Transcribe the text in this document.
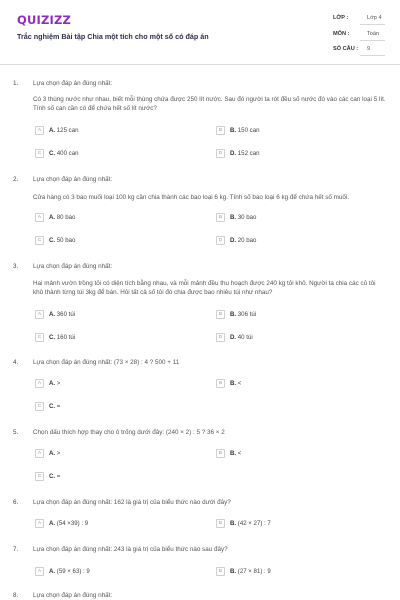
QUIZIZZ
Trắc nghiệm Bài tập Chia một tích cho một số có đáp án
LỚP :	Lớp 4
MÔN :	Toán
SỐ CÂU : 9
1. Lựa chọn đáp án đúng nhất:
Có 3 thùng nước như nhau, biết mỗi thùng chứa được 250 lít nước. Sau đó người ta rót đều số nước đó vào các can loại 5 lít. Tính số can cần có để chứa hết số lít nước?
A	A. 125 can	B	B. 150 can
C	C. 400 can	D	D. 152 can
2. Lựa chọn đáp án đúng nhất:
Cửa hàng có 3 bao muối loại 100 kg cần chia thành các bao loại 6 kg. Tính số bao loại 6 kg để chứa hết số muối.
A	A. 80 bao	B	B. 30 bao
C	C. 50 bao	D	D. 20 bao
3. Lựa chọn đáp án đúng nhất:
Hai mảnh vườn trồng tỏi có diện tích bằng nhau, và mỗi mảnh đều thu hoạch được 240 kg tỏi khô. Người ta chia các củ tỏi khô thành từng túi 3kg để bán. Hỏi tất cả số tỏi đó chia được bao nhiêu túi như nhau?
A	A. 360 túi	B	B. 306 túi
C	C. 160 túi	D	D. 40 túi
4. Lựa chọn đáp án đúng nhất: (73 × 28) : 4 ? 500 + 11
A	A. >	B	B. <
C	C. =
5. Chọn dấu thích hợp thay cho ô trống dưới đây: (240 × 2) : 5 ? 36 × 2
A	A. >	B	B. <
C	C. =
6. Lựa chọn đáp án đúng nhất: 162 là giá trị của biểu thức nào dưới đây?
A	A. (54 ×39) : 9	B	B. (42 × 27) : 7
7. Lựa chọn đáp án đúng nhất: 243 là giá trị của biểu thức nào sau đây?
A	A. (59 × 63) : 9	B	B. (27 × 81) : 9
8. Lựa chọn đáp án đúng nhất:
